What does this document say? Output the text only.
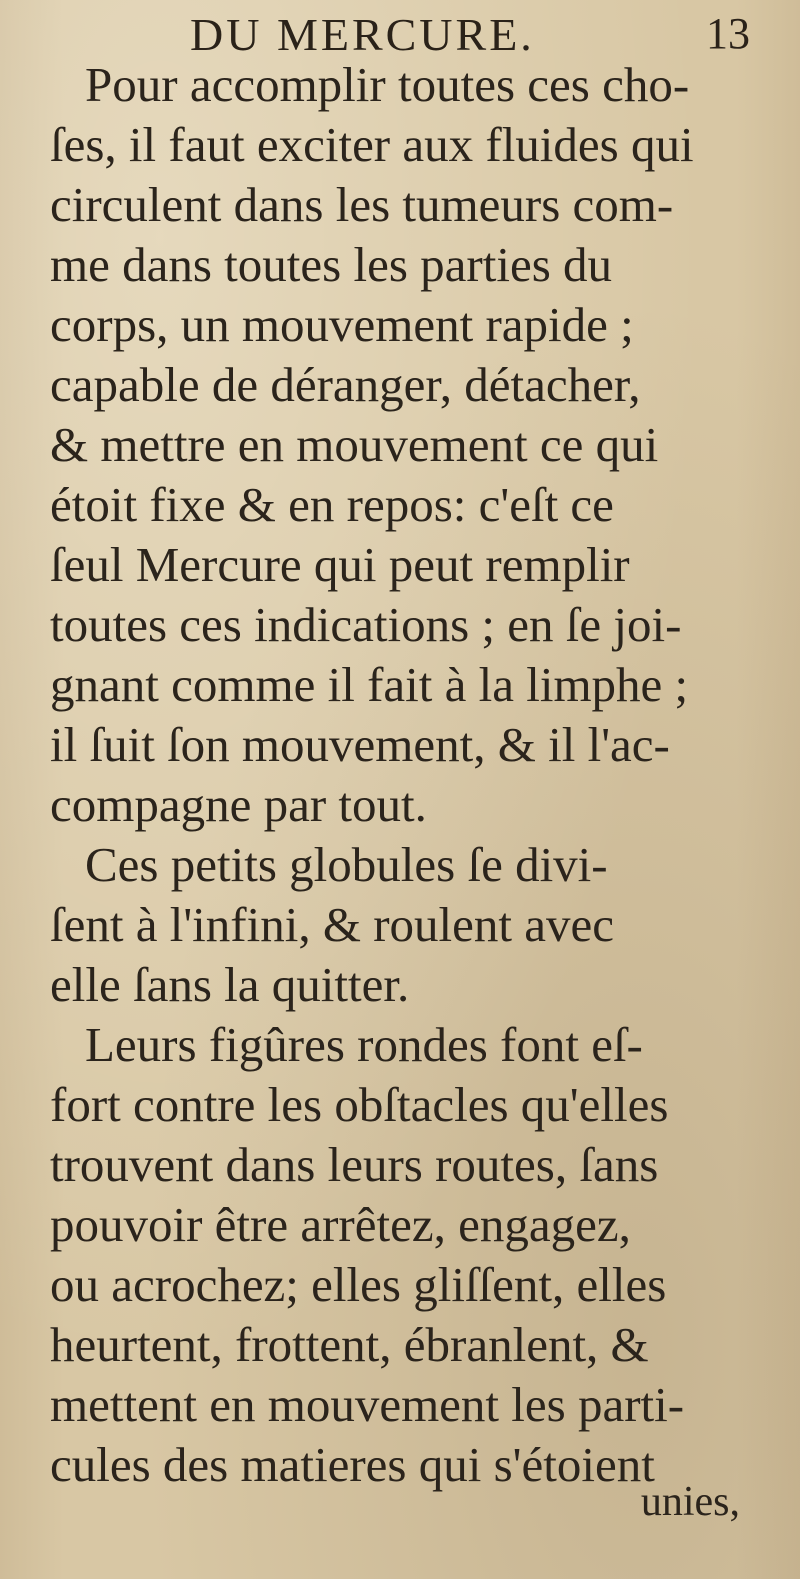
DU MERCURE.	13
Pour accomplir toutes ces cho-
ſes, il faut exciter aux fluides qui
circulent dans les tumeurs com-
me dans toutes les parties du
corps, un mouvement rapide ;
capable de déranger, détacher,
& mettre en mouvement ce qui
étoit fixe & en repos: c'eſt ce
ſeul Mercure qui peut remplir
toutes ces indications ; en ſe joi-
gnant comme il fait à la limphe ;
il ſuit ſon mouvement, & il l'ac-
compagne par tout.
Ces petits globules ſe divi-
ſent à l'infini, & roulent avec
elle ſans la quitter.
Leurs figûres rondes font eſ-
fort contre les obſtacles qu'elles
trouvent dans leurs routes, ſans
pouvoir être arrêtez, engagez,
ou acrochez; elles gliſſent, elles
heurtent, frottent, ébranlent, &
mettent en mouvement les parti-
cules des matieres qui s'étoient
unies,
